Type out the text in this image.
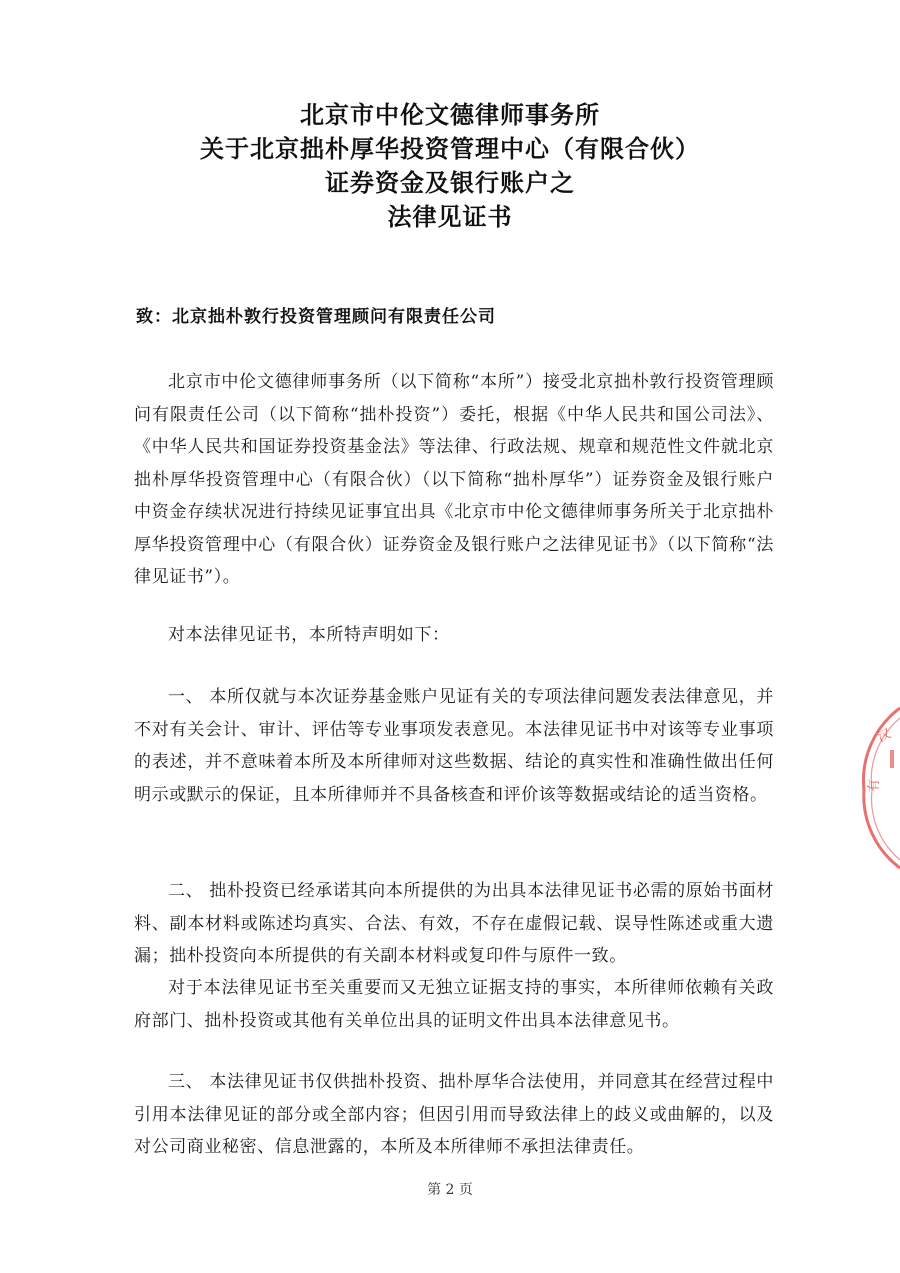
北京市中伦文德律师事务所
关于北京拙朴厚华投资管理中心（有限合伙）
证券资金及银行账户之
法律见证书
致：北京拙朴敦行投资管理顾问有限责任公司

北京市中伦文德律师事务所（以下简称“本所”）接受北京拙朴敦行投资管理顾问有限责任公司（以下简称“拙朴投资”）委托，根据《中华人民共和国公司法》、《中华人民共和国证券投资基金法》等法律、行政法规、规章和规范性文件就北京拙朴厚华投资管理中心（有限合伙）（以下简称“拙朴厚华”）证券资金及银行账户中资金存续状况进行持续见证事宜出具《北京市中伦文德律师事务所关于北京拙朴厚华投资管理中心（有限合伙）证券资金及银行账户之法律见证书》（以下简称“法律见证书”）。

对本法律见证书，本所特声明如下：

一、 本所仅就与本次证券基金账户见证有关的专项法律问题发表法律意见，并不对有关会计、审计、评估等专业事项发表意见。本法律见证书中对该等专业事项的表述，并不意味着本所及本所律师对这些数据、结论的真实性和准确性做出任何明示或默示的保证，且本所律师并不具备核查和评价该等数据或结论的适当资格。

二、 拙朴投资已经承诺其向本所提供的为出具本法律见证书必需的原始书面材料、副本材料或陈述均真实、合法、有效，不存在虚假记载、误导性陈述或重大遗漏；拙朴投资向本所提供的有关副本材料或复印件与原件一致。

对于本法律见证书至关重要而又无独立证据支持的事实，本所律师依赖有关政府部门、拙朴投资或其他有关单位出具的证明文件出具本法律意见书。

三、 本法律见证书仅供拙朴投资、拙朴厚华合法使用，并同意其在经营过程中引用本法律见证的部分或全部内容；但因引用而导致法律上的歧义或曲解的，以及对公司商业秘密、信息泄露的，本所及本所律师不承担法律责任。

第 2 页
汉
有
